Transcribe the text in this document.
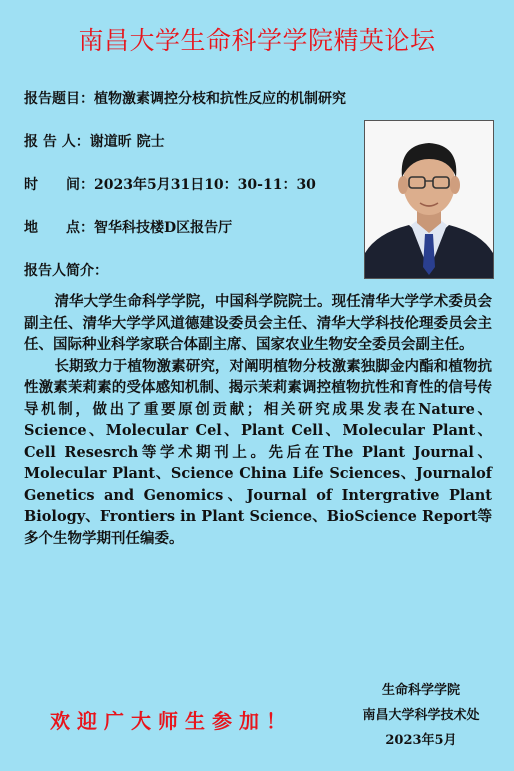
南昌大学生命科学学院精英论坛
报告题目：植物激素调控分枝和抗性反应的机制研究
报 告 人：谢道昕 院士
时　　间：2023年5月31日10：30-11：30
地　　点：智华科技楼D区报告厅
报告人简介：

清华大学生命科学学院，中国科学院院士。现任清华大学学术委员会副主任、清华大学学风道德建设委员会主任、清华大学科技伦理委员会主任、国际种业科学家联合体副主席、国家农业生物安全委员会副主任。

长期致力于植物激素研究，对阐明植物分枝激素独脚金内酯和植物抗性激素茉莉素的受体感知机制、揭示茉莉素调控植物抗性和育性的信号传导机制，做出了重要原创贡献；相关研究成果发表在Nature、Science、Molecular Cel、Plant Cell、Molecular Plant、Cell Resesrch等学术期刊上。先后在The Plant Journal、Molecular Plant、Science China Life Sciences、Journalof Genetics and Genomics、Journal of Intergrative Plant Biology、Frontiers in Plant Science、BioScience Report等多个生物学期刊任编委。

欢迎广大师生参加！
生命科学学院
南昌大学科学技术处
2023年5月
